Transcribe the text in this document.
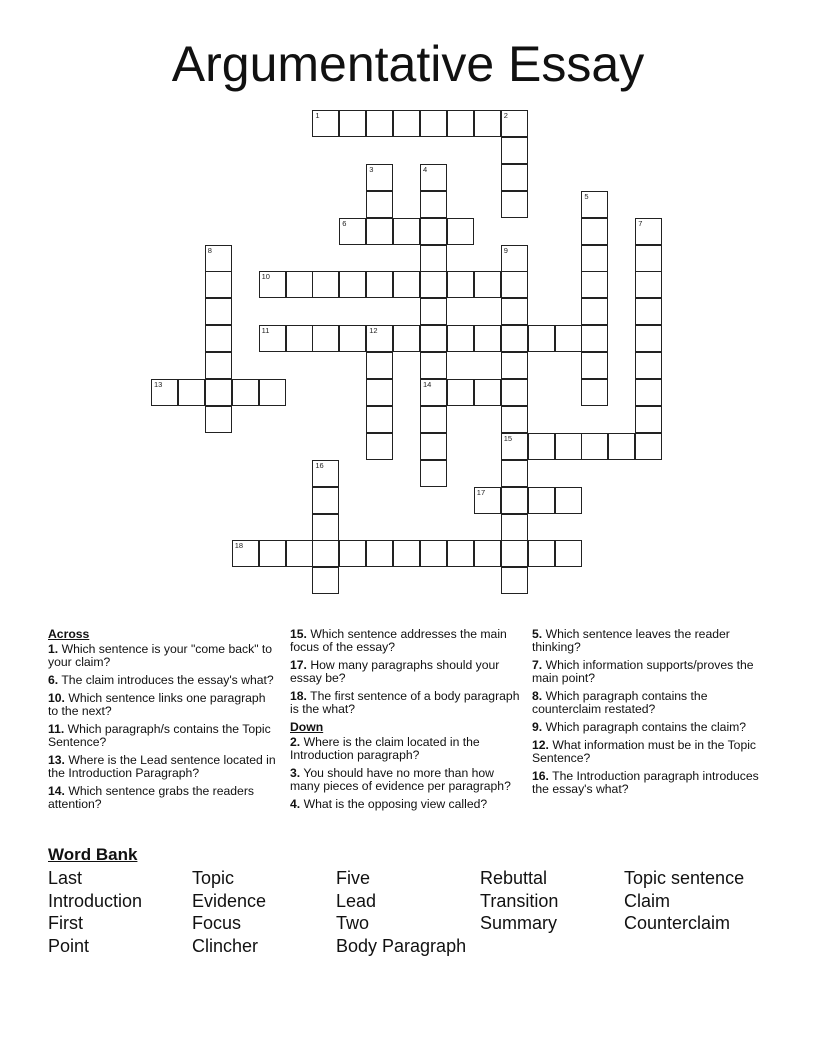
Argumentative Essay
1	2
3	4
14
5
6	7
8	9
15
10
11	12
13
16
17
18
Across
1. Which sentence is your "come back" to your claim?
6. The claim introduces the essay's what?
10. Which sentence links one paragraph to the next?
11. Which paragraph/s contains the Topic Sentence?
13. Where is the Lead sentence located in the Introduction Paragraph?
14. Which sentence grabs the readers attention?
15. Which sentence addresses the main focus of the essay?
17. How many paragraphs should your essay be?
18. The first sentence of a body paragraph is the what?
Down
2. Where is the claim located in the Introduction paragraph?
3. You should have no more than how many pieces of evidence per paragraph?
4. What is the opposing view called?
5. Which sentence leaves the reader thinking?
7. Which information supports/proves the main point?
8. Which paragraph contains the counterclaim restated?
9. Which paragraph contains the claim?
12. What information must be in the Topic Sentence?
16. The Introduction paragraph introduces the essay's what?
Word Bank
Last
Introduction
First
Point
Topic
Evidence
Focus
Clincher
Five
Lead
Two
Body Paragraph
Rebuttal
Transition
Summary
Topic sentence
Claim
Counterclaim
